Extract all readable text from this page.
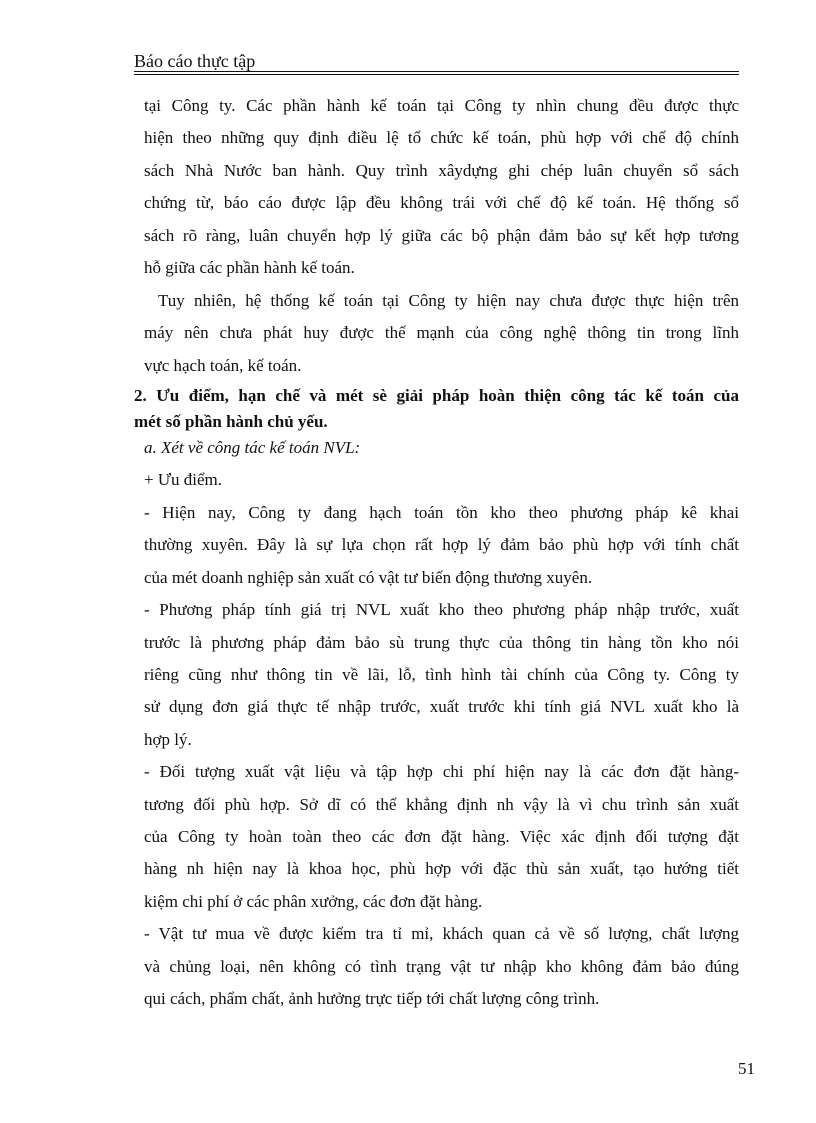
Báo cáo thực tập
tại Công ty. Các phần hành kế toán tại Công ty nhìn chung đều được thực
hiện theo những quy định điều lệ tổ chức kế toán, phù hợp với chế độ chính
sách Nhà Nước ban hành. Quy trình xâydựng ghi chép luân chuyển sổ sách
chứng từ, báo cáo được lập đều không trái với chế độ kế toán. Hệ thống sổ
sách rõ ràng, luân chuyển hợp lý giữa các bộ phận đảm bảo sự kết hợp tương
hỗ giữa các phần hành kế toán.
Tuy nhiên, hệ thống kế toán tại Công ty hiện nay chưa được thực hiện trên
máy nên chưa phát huy được thế mạnh của công nghệ thông tin trong lĩnh
vực hạch toán, kế toán.
2. Ưu điểm, hạn chế và mét sè giải pháp hoàn thiện công tác kế toán của
mét số phần hành chủ yếu.
a. Xét về công tác kế toán NVL:
+ Ưu điểm.
- Hiện nay, Công ty đang hạch toán tồn kho theo phương pháp kê khai
thường xuyên. Đây là sự lựa chọn rất hợp lý đảm bảo phù hợp với tính chất
của mét doanh nghiệp sản xuất có vật tư biến động thương xuyên.
- Phương pháp tính giá trị NVL xuất kho theo phương pháp nhập trước, xuất
trước là phương pháp đảm bảo sù trung thực của thông tin hàng tồn kho nói
riêng cũng như thông tin về lãi, lỗ, tình hình tài chính của Công ty. Công ty
sử dụng đơn giá thực tế nhập trước, xuất trước khi tính giá NVL xuất kho là
hợp lý.
- Đối tượng xuất vật liệu và tập hợp chi phí hiện nay là các đơn đặt hàng-
tương đối phù hợp. Sở dĩ có thể khẳng định nh vậy là vì chu trình sản xuất
của Công ty hoàn toàn theo các đơn đặt hàng. Việc xác định đối tượng đặt
hàng nh hiện nay là khoa học, phù hợp với đặc thù sản xuất, tạo hướng tiết
kiệm chi phí ở các phân xưởng, các đơn đặt hàng.
- Vật tư mua về được kiểm tra tỉ mỉ, khách quan cả về số lượng, chất lượng
và chủng loại, nên không có tình trạng vật tư nhập kho không đảm bảo đúng
qui cách, phẩm chất, ảnh hưởng trực tiếp tới chất lượng công trình.
51
